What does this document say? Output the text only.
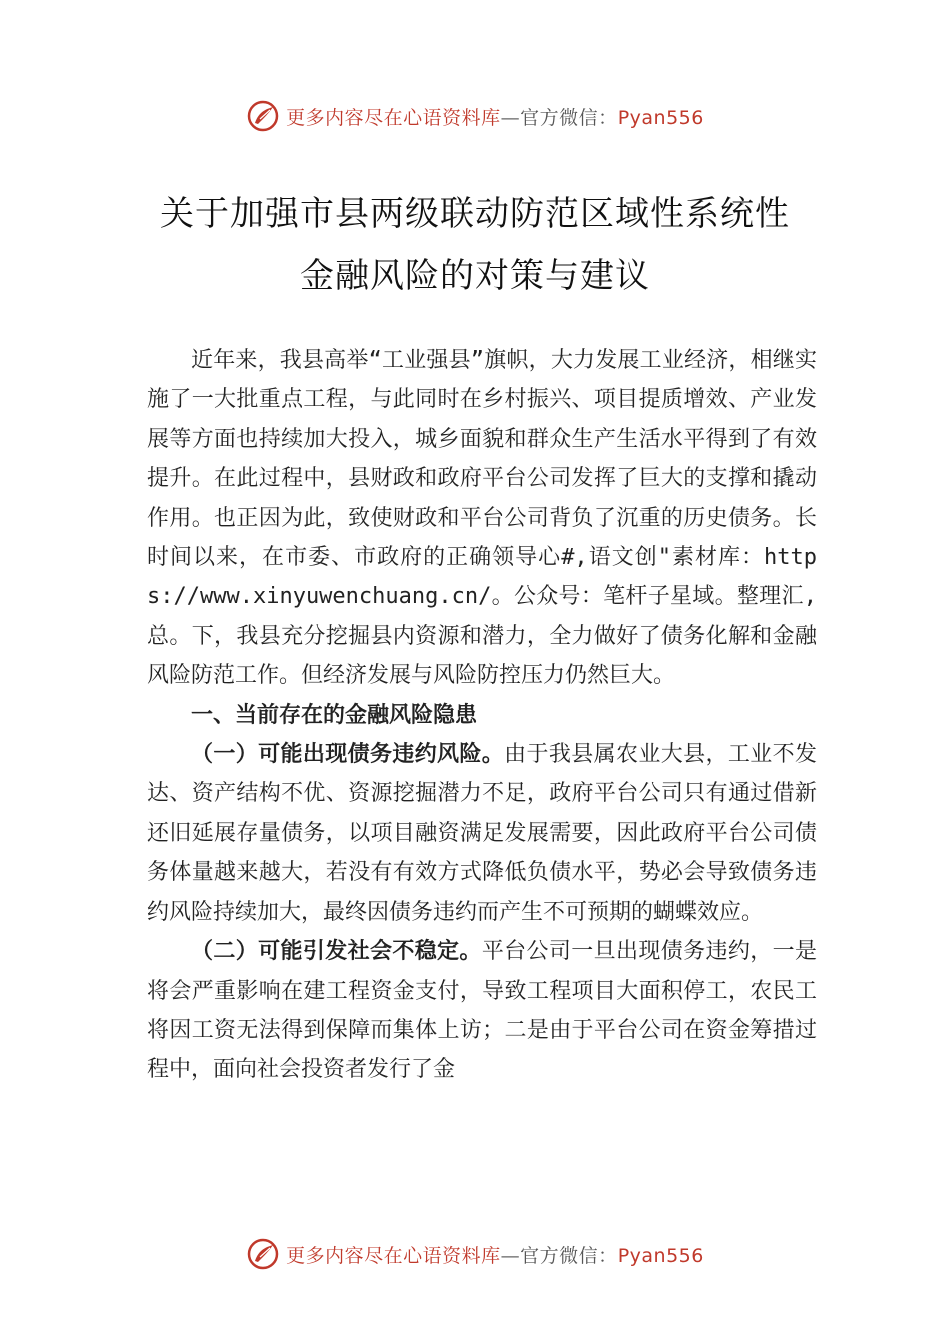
更多内容尽在心语资料库—官方微信：Pyan556
关于加强市县两级联动防范区域性系统性
金融风险的对策与建议

近年来，我县高举“工业强县”旗帜，大力发展工业经济，相继实施了一大批重点工程，与此同时在乡村振兴、项目提质增效、产业发展等方面也持续加大投入，城乡面貌和群众生产生活水平得到了有效提升。在此过程中，县财政和政府平台公司发挥了巨大的支撑和撬动作用。也正因为此，致使财政和平台公司背负了沉重的历史债务。长时间以来，在市委、市政府的正确领导心#,语文创"素材库：https://www.xinyuwenchuang.cn/。公众号：笔杆子星域。整理汇,总。下，我县充分挖掘县内资源和潜力，全力做好了债务化解和金融风险防范工作。但经济发展与风险防控压力仍然巨大。

一、当前存在的金融风险隐患

（一）可能出现债务违约风险。由于我县属农业大县，工业不发达、资产结构不优、资源挖掘潜力不足，政府平台公司只有通过借新还旧延展存量债务，以项目融资满足发展需要，因此政府平台公司债务体量越来越大，若没有有效方式降低负债水平，势必会导致债务违约风险持续加大，最终因债务违约而产生不可预期的蝴蝶效应。

（二）可能引发社会不稳定。平台公司一旦出现债务违约，一是将会严重影响在建工程资金支付，导致工程项目大面积停工，农民工将因工资无法得到保障而集体上访；二是由于平台公司在资金筹措过程中，面向社会投资者发行了金

更多内容尽在心语资料库—官方微信：Pyan556
